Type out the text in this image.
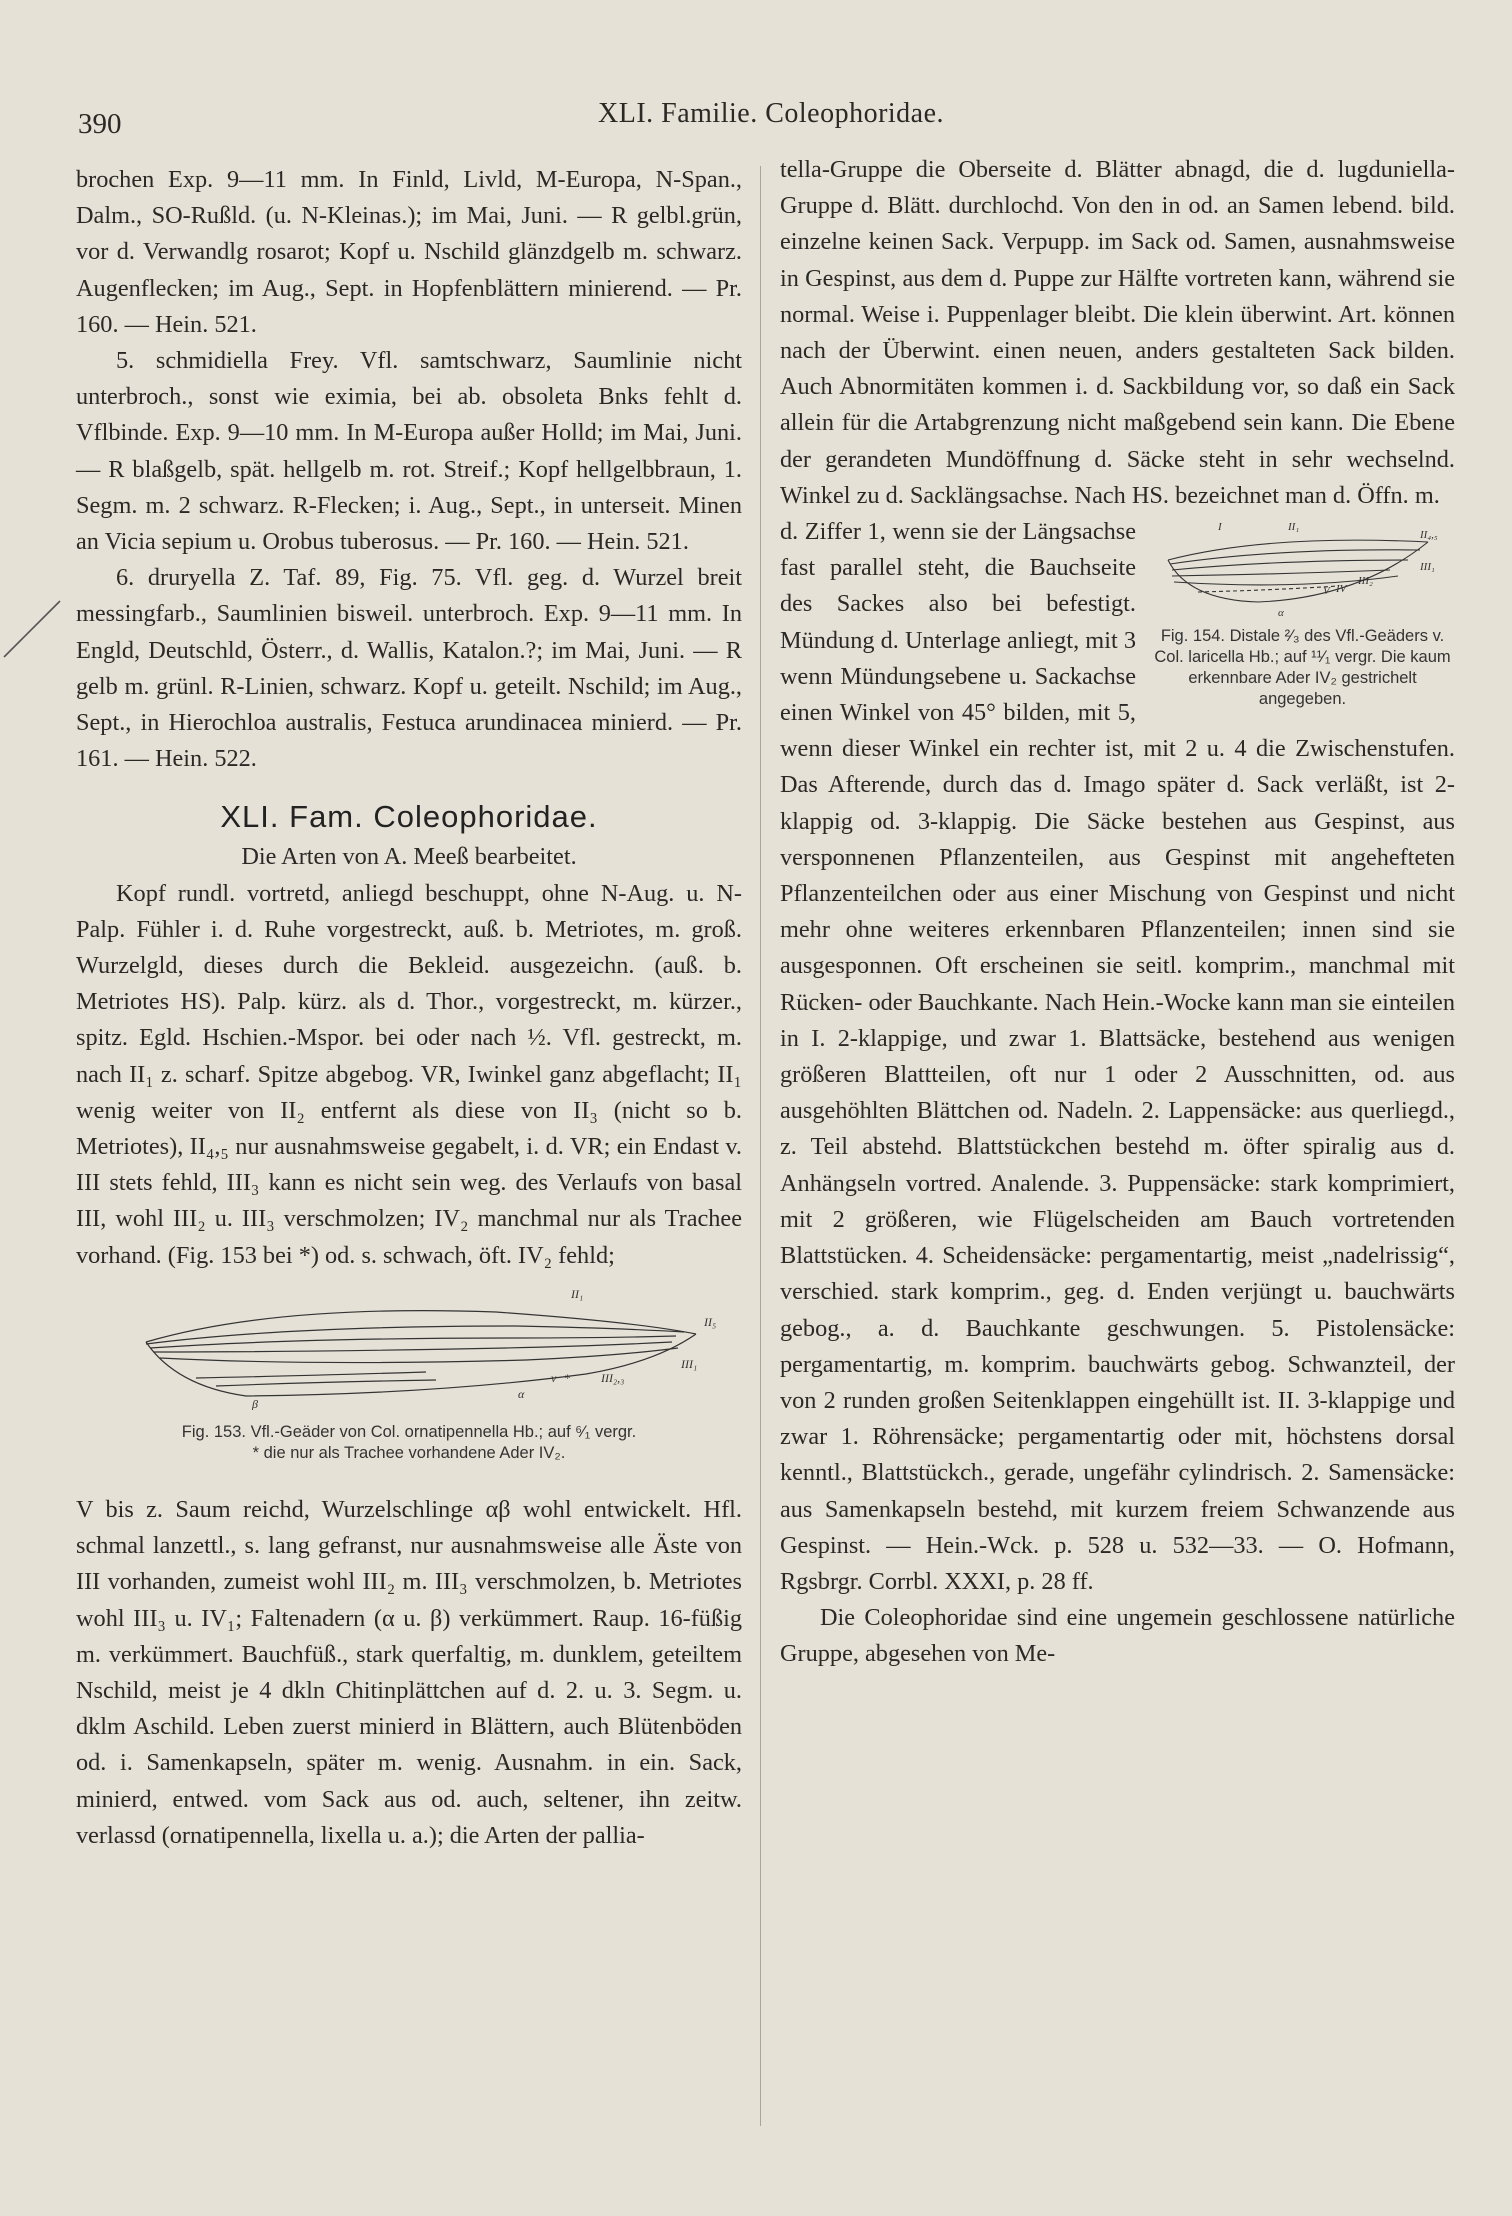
390	XLI. Familie. Coleophoridae.

brochen Exp. 9—11 mm. In Finld, Livld, M-Europa, N-Span., Dalm., SO-Rußld. (u. N-Kleinas.); im Mai, Juni. — R gelbl.grün, vor d. Verwandlg rosarot; Kopf u. Nschild glänzdgelb m. schwarz. Augenflecken; im Aug., Sept. in Hopfenblättern minierend. — Pr. 160. — Hein. 521.

5. schmidiella Frey. Vfl. samtschwarz, Saumlinie nicht unterbroch., sonst wie eximia, bei ab. obsoleta Bnks fehlt d. Vflbinde. Exp. 9—10 mm. In M-Europa außer Holld; im Mai, Juni. — R blaßgelb, spät. hellgelb m. rot. Streif.; Kopf hellgelbbraun, 1. Segm. m. 2 schwarz. R-Flecken; i. Aug., Sept., in unterseit. Minen an Vicia sepium u. Orobus tuberosus. — Pr. 160. — Hein. 521.

6. druryella Z. Taf. 89, Fig. 75. Vfl. geg. d. Wurzel breit messingfarb., Saumlinien bisweil. unterbroch. Exp. 9—11 mm. In Engld, Deutschld, Österr., d. Wallis, Katalon.?; im Mai, Juni. — R gelb m. grünl. R-Linien, schwarz. Kopf u. geteilt. Nschild; im Aug., Sept., in Hierochloa australis, Festuca arundinacea minierd. — Pr. 161. — Hein. 522.

XLI. Fam. Coleophoridae.
Die Arten von A. Meeß bearbeitet.

Kopf rundl. vortretd, anliegd beschuppt, ohne N-Aug. u. N-Palp. Fühler i. d. Ruhe vorgestreckt, auß. b. Metriotes, m. groß. Wurzelgld, dieses durch die Bekleid. ausgezeichn. (auß. b. Metriotes HS). Palp. kürz. als d. Thor., vorgestreckt, m. kürzer., spitz. Egld. Hschien.-Mspor. bei oder nach ½. Vfl. gestreckt, m. nach II₁ z. scharf. Spitze abgebog. VR, Iwinkel ganz abgeflacht; II₁ wenig weiter von II₂ entfernt als diese von II₃ (nicht so b. Metriotes), II₄,₅ nur ausnahmsweise gegabelt, i. d. VR; ein Endast v. III stets fehld, III₃ kann es nicht sein weg. des Verlaufs von basal III, wohl III₂ u. III₃ verschmolzen; IV₂ manchmal nur als Trachee vorhand. (Fig. 153 bei *) od. s. schwach, öft. IV₂ fehld;

II₁
II₅
III₁
v *	III₂,₃
β
α
Fig. 153. Vfl.-Geäder von Col. ornatipennella Hb.; auf ⁶⁄₁ vergr.
* die nur als Trachee vorhandene Ader IV₂.

V bis z. Saum reichd, Wurzelschlinge αβ wohl entwickelt. Hfl. schmal lanzettl., s. lang gefranst, nur ausnahmsweise alle Äste von III vorhanden, zumeist wohl III₂ m. III₃ verschmolzen, b. Metriotes wohl III₃ u. IV₁; Faltenadern (α u. β) verkümmert. Raup. 16-füßig m. verkümmert. Bauchfüß., stark querfaltig, m. dunklem, geteiltem Nschild, meist je 4 dkln Chitinplättchen auf d. 2. u. 3. Segm. u. dklm Aschild. Leben zuerst minierd in Blättern, auch Blütenböden od. i. Samenkapseln, später m. wenig. Ausnahm. in ein. Sack, minierd, entwed. vom Sack aus od. auch, seltener, ihn zeitw. verlassd (ornatipennella, lixella u. a.); die Arten der pallia-

tella-Gruppe die Oberseite d. Blätter abnagd, die d. lugduniella-Gruppe d. Blätt. durchlochd. Von den in od. an Samen lebend. bild. einzelne keinen Sack. Verpupp. im Sack od. Samen, ausnahmsweise in Gespinst, aus dem d. Puppe zur Hälfte vortreten kann, während sie normal. Weise i. Puppenlager bleibt. Die klein überwint. Art. können nach der Überwint. einen neuen, anders gestalteten Sack bilden. Auch Abnormitäten kommen i. d. Sackbildung vor, so daß ein Sack allein für die Artabgrenzung nicht maßgebend sein kann. Die Ebene der gerandeten Mundöffnung d. Säcke steht in sehr wechselnd. Winkel zu d. Sacklängsachse. Nach HS. bezeichnet man d. Öffn. m.

I	II₁
II₄,₅
III₁
III₂
IV
V
α
Fig. 154. Distale ²⁄₃ des Vfl.-Geäders v. Col. laricella Hb.; auf ¹¹⁄₁ vergr. Die kaum erkennbare Ader IV₂ gestrichelt angegeben.

d. Ziffer 1, wenn sie der Längsachse fast parallel steht, die Bauchseite des Sackes also bei befestigt. Mündung d. Unterlage anliegt, mit 3 wenn Mündungsebene u. Sackachse einen Winkel von 45° bilden, mit 5, wenn dieser Winkel ein rechter ist, mit 2 u. 4 die Zwischenstufen. Das Afterende, durch das d. Imago später d. Sack verläßt, ist 2-klappig od. 3-klappig. Die Säcke bestehen aus Gespinst, aus versponnenen Pflanzenteilen, aus Gespinst mit angehefteten Pflanzenteilchen oder aus einer Mischung von Gespinst und nicht mehr ohne weiteres erkennbaren Pflanzenteilen; innen sind sie ausgesponnen. Oft erscheinen sie seitl. komprim., manchmal mit Rücken- oder Bauchkante. Nach Hein.-Wocke kann man sie einteilen in I. 2-klappige, und zwar 1. Blattsäcke, bestehend aus wenigen größeren Blattteilen, oft nur 1 oder 2 Ausschnitten, od. aus ausgehöhlten Blättchen od. Nadeln. 2. Lappensäcke: aus querliegd., z. Teil abstehd. Blattstückchen bestehd m. öfter spiralig aus d. Anhängseln vortred. Analende. 3. Puppensäcke: stark komprimiert, mit 2 größeren, wie Flügelscheiden am Bauch vortretenden Blattstücken. 4. Scheidensäcke: pergamentartig, meist „nadelrissig“, verschied. stark komprim., geg. d. Enden verjüngt u. bauchwärts gebog., a. d. Bauchkante geschwungen. 5. Pistolensäcke: pergamentartig, m. komprim. bauchwärts gebog. Schwanzteil, der von 2 runden großen Seitenklappen eingehüllt ist. II. 3-klappige und zwar 1. Röhrensäcke; pergamentartig oder mit, höchstens dorsal kenntl., Blattstückch., gerade, ungefähr cylindrisch. 2. Samensäcke: aus Samenkapseln bestehd, mit kurzem freiem Schwanzende aus Gespinst. — Hein.-Wck. p. 528 u. 532—33. — O. Hofmann, Rgsbrgr. Corrbl. XXXI, p. 28 ff.

Die Coleophoridae sind eine ungemein geschlossene natürliche Gruppe, abgesehen von Me-
